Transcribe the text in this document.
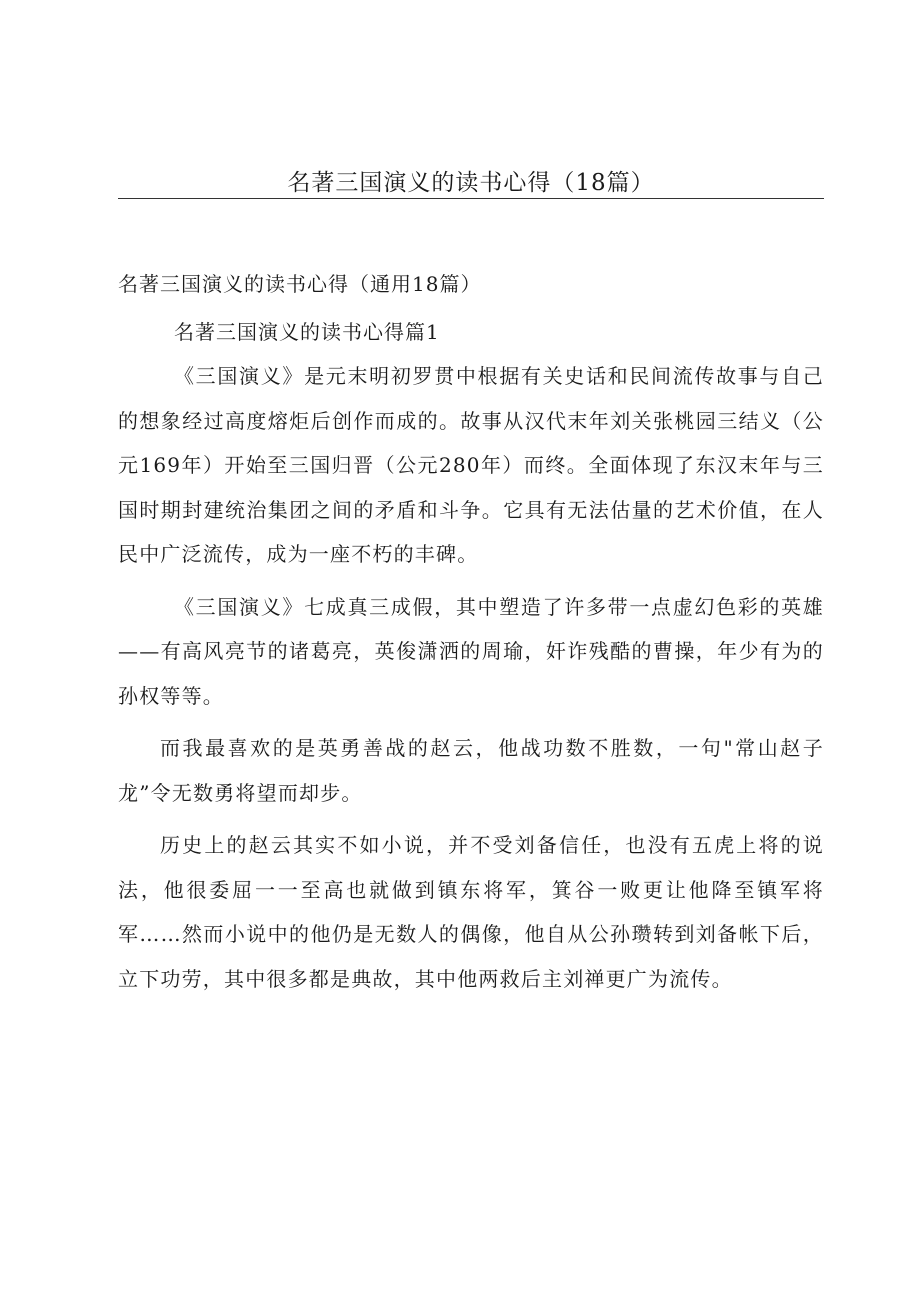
名著三国演义的读书心得（18篇）

名著三国演义的读书心得（通用18篇）

名著三国演义的读书心得篇1

《三国演义》是元末明初罗贯中根据有关史话和民间流传故事与自己的想象经过高度熔炬后创作而成的。故事从汉代末年刘关张桃园三结义（公元169年）开始至三国归晋（公元280年）而终。全面体现了东汉末年与三国时期封建统治集团之间的矛盾和斗争。它具有无法估量的艺术价值，在人民中广泛流传，成为一座不朽的丰碑。

《三国演义》七成真三成假，其中塑造了许多带一点虚幻色彩的英雄——有高风亮节的诸葛亮，英俊潇洒的周瑜，奸诈残酷的曹操，年少有为的孙权等等。

而我最喜欢的是英勇善战的赵云，他战功数不胜数，一句"常山赵子龙”令无数勇将望而却步。

历史上的赵云其实不如小说，并不受刘备信任，也没有五虎上将的说法，他很委屈一一至高也就做到镇东将军，箕谷一败更让他降至镇军将军……然而小说中的他仍是无数人的偶像，他自从公孙瓒转到刘备帐下后，立下功劳，其中很多都是典故，其中他两救后主刘禅更广为流传。
